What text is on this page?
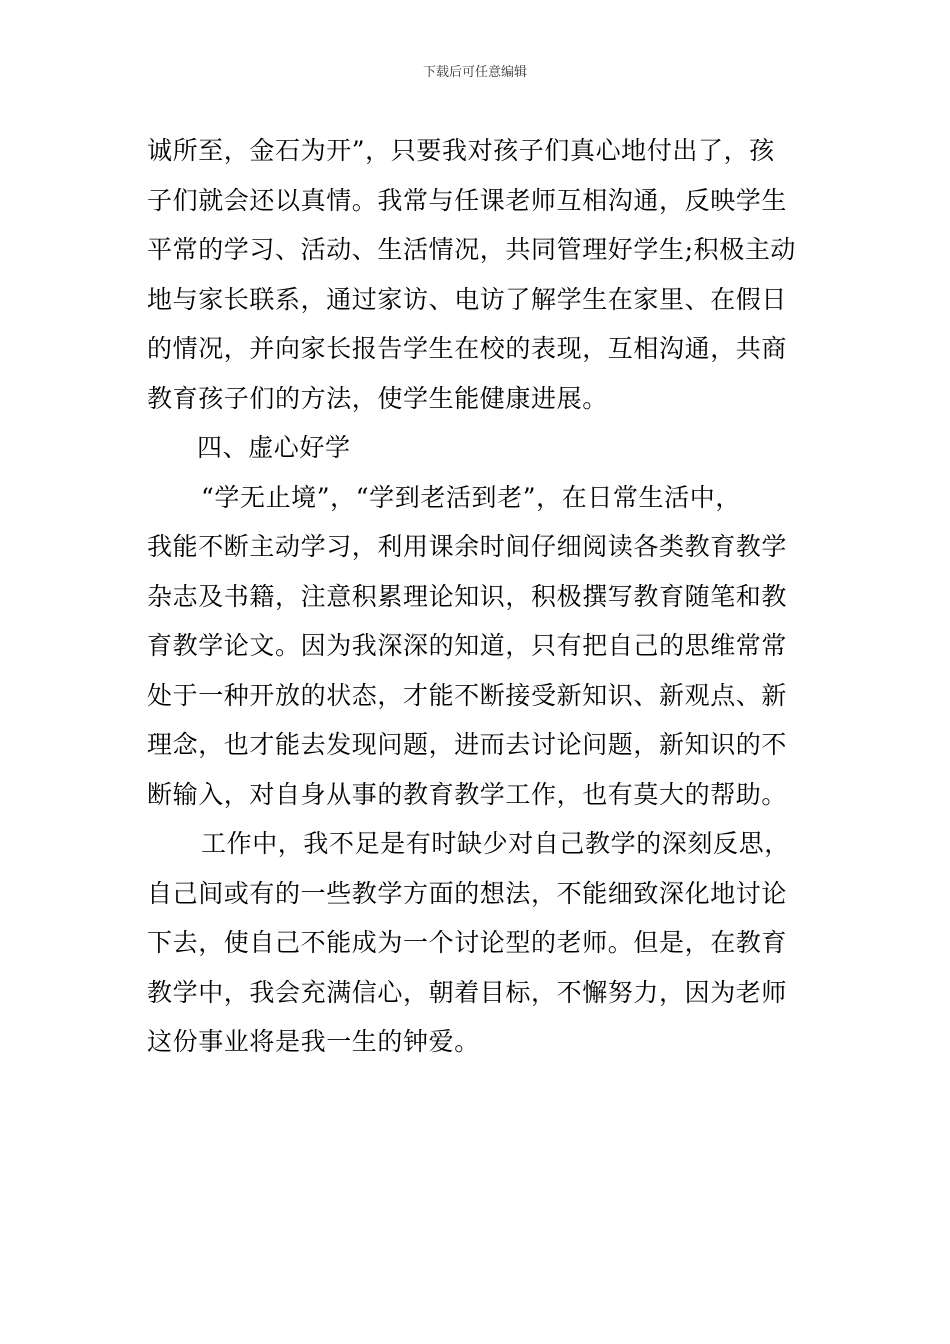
下载后可任意编辑
诚所至，金石为开”，只要我对孩子们真心地付出了，孩
子们就会还以真情。我常与任课老师互相沟通，反映学生
平常的学习、活动、生活情况，共同管理好学生;积极主动
地与家长联系，通过家访、电访了解学生在家里、在假日
的情况，并向家长报告学生在校的表现，互相沟通，共商
教育孩子们的方法，使学生能健康进展。
四、虚心好学
“学无止境”，“学到老活到老”，在日常生活中，
我能不断主动学习，利用课余时间仔细阅读各类教育教学
杂志及书籍，注意积累理论知识，积极撰写教育随笔和教
育教学论文。因为我深深的知道，只有把自己的思维常常
处于一种开放的状态，才能不断接受新知识、新观点、新
理念，也才能去发现问题，进而去讨论问题，新知识的不
断输入，对自身从事的教育教学工作，也有莫大的帮助。
工作中，我不足是有时缺少对自己教学的深刻反思，
自己间或有的一些教学方面的想法，不能细致深化地讨论
下去，使自己不能成为一个讨论型的老师。但是，在教育
教学中，我会充满信心，朝着目标，不懈努力，因为老师
这份事业将是我一生的钟爱。
